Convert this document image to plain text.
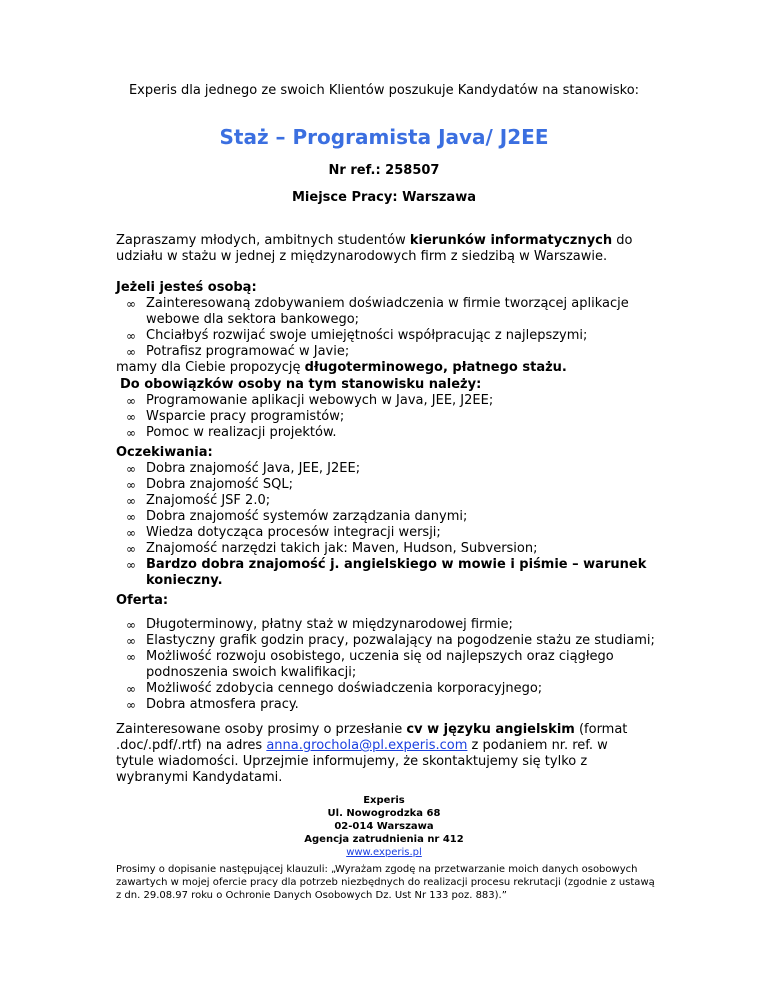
Experis dla jednego ze swoich Klientów poszukuje Kandydatów na stanowisko:
Staż – Programista Java/ J2EE
Nr ref.: 258507
Miejsce Pracy: Warszawa
Zapraszamy młodych, ambitnych studentów kierunków informatycznych do udziału w stażu w jednej z międzynarodowych firm z siedzibą w Warszawie.
Jeżeli jesteś osobą:
∞ Zainteresowaną zdobywaniem doświadczenia w firmie tworzącej aplikacje webowe dla sektora bankowego;
∞ Chciałbyś rozwijać swoje umiejętności współpracując z najlepszymi;
∞ Potrafisz programować w Javie;
mamy dla Ciebie propozycję długoterminowego, płatnego stażu.
Do obowiązków osoby na tym stanowisku należy:
∞ Programowanie aplikacji webowych w Java, JEE, J2EE;
∞ Wsparcie pracy programistów;
∞ Pomoc w realizacji projektów.
Oczekiwania:
∞ Dobra znajomość Java, JEE, J2EE;
∞ Dobra znajomość SQL;
∞ Znajomość JSF 2.0;
∞ Dobra znajomość systemów zarządzania danymi;
∞ Wiedza dotycząca procesów integracji wersji;
∞ Znajomość narzędzi takich jak: Maven, Hudson, Subversion;
∞ Bardzo dobra znajomość j. angielskiego w mowie i piśmie – warunek konieczny.
Oferta:
∞ Długoterminowy, płatny staż w międzynarodowej firmie;
∞ Elastyczny grafik godzin pracy, pozwalający na pogodzenie stażu ze studiami;
∞ Możliwość rozwoju osobistego, uczenia się od najlepszych oraz ciągłego podnoszenia swoich kwalifikacji;
∞ Możliwość zdobycia cennego doświadczenia korporacyjnego;
∞ Dobra atmosfera pracy.
Zainteresowane osoby prosimy o przesłanie cv w języku angielskim (format .doc/.pdf/.rtf) na adres anna.grochola@pl.experis.com z podaniem nr. ref. w tytule wiadomości. Uprzejmie informujemy, że skontaktujemy się tylko z wybranymi Kandydatami.
Experis
Ul. Nowogrodzka 68
02-014 Warszawa
Agencja zatrudnienia nr 412
www.experis.pl
Prosimy o dopisanie następującej klauzuli: „Wyrażam zgodę na przetwarzanie moich danych osobowych zawartych w mojej ofercie pracy dla potrzeb niezbędnych do realizacji procesu rekrutacji (zgodnie z ustawą z dn. 29.08.97 roku o Ochronie Danych Osobowych Dz. Ust Nr 133 poz. 883).”
